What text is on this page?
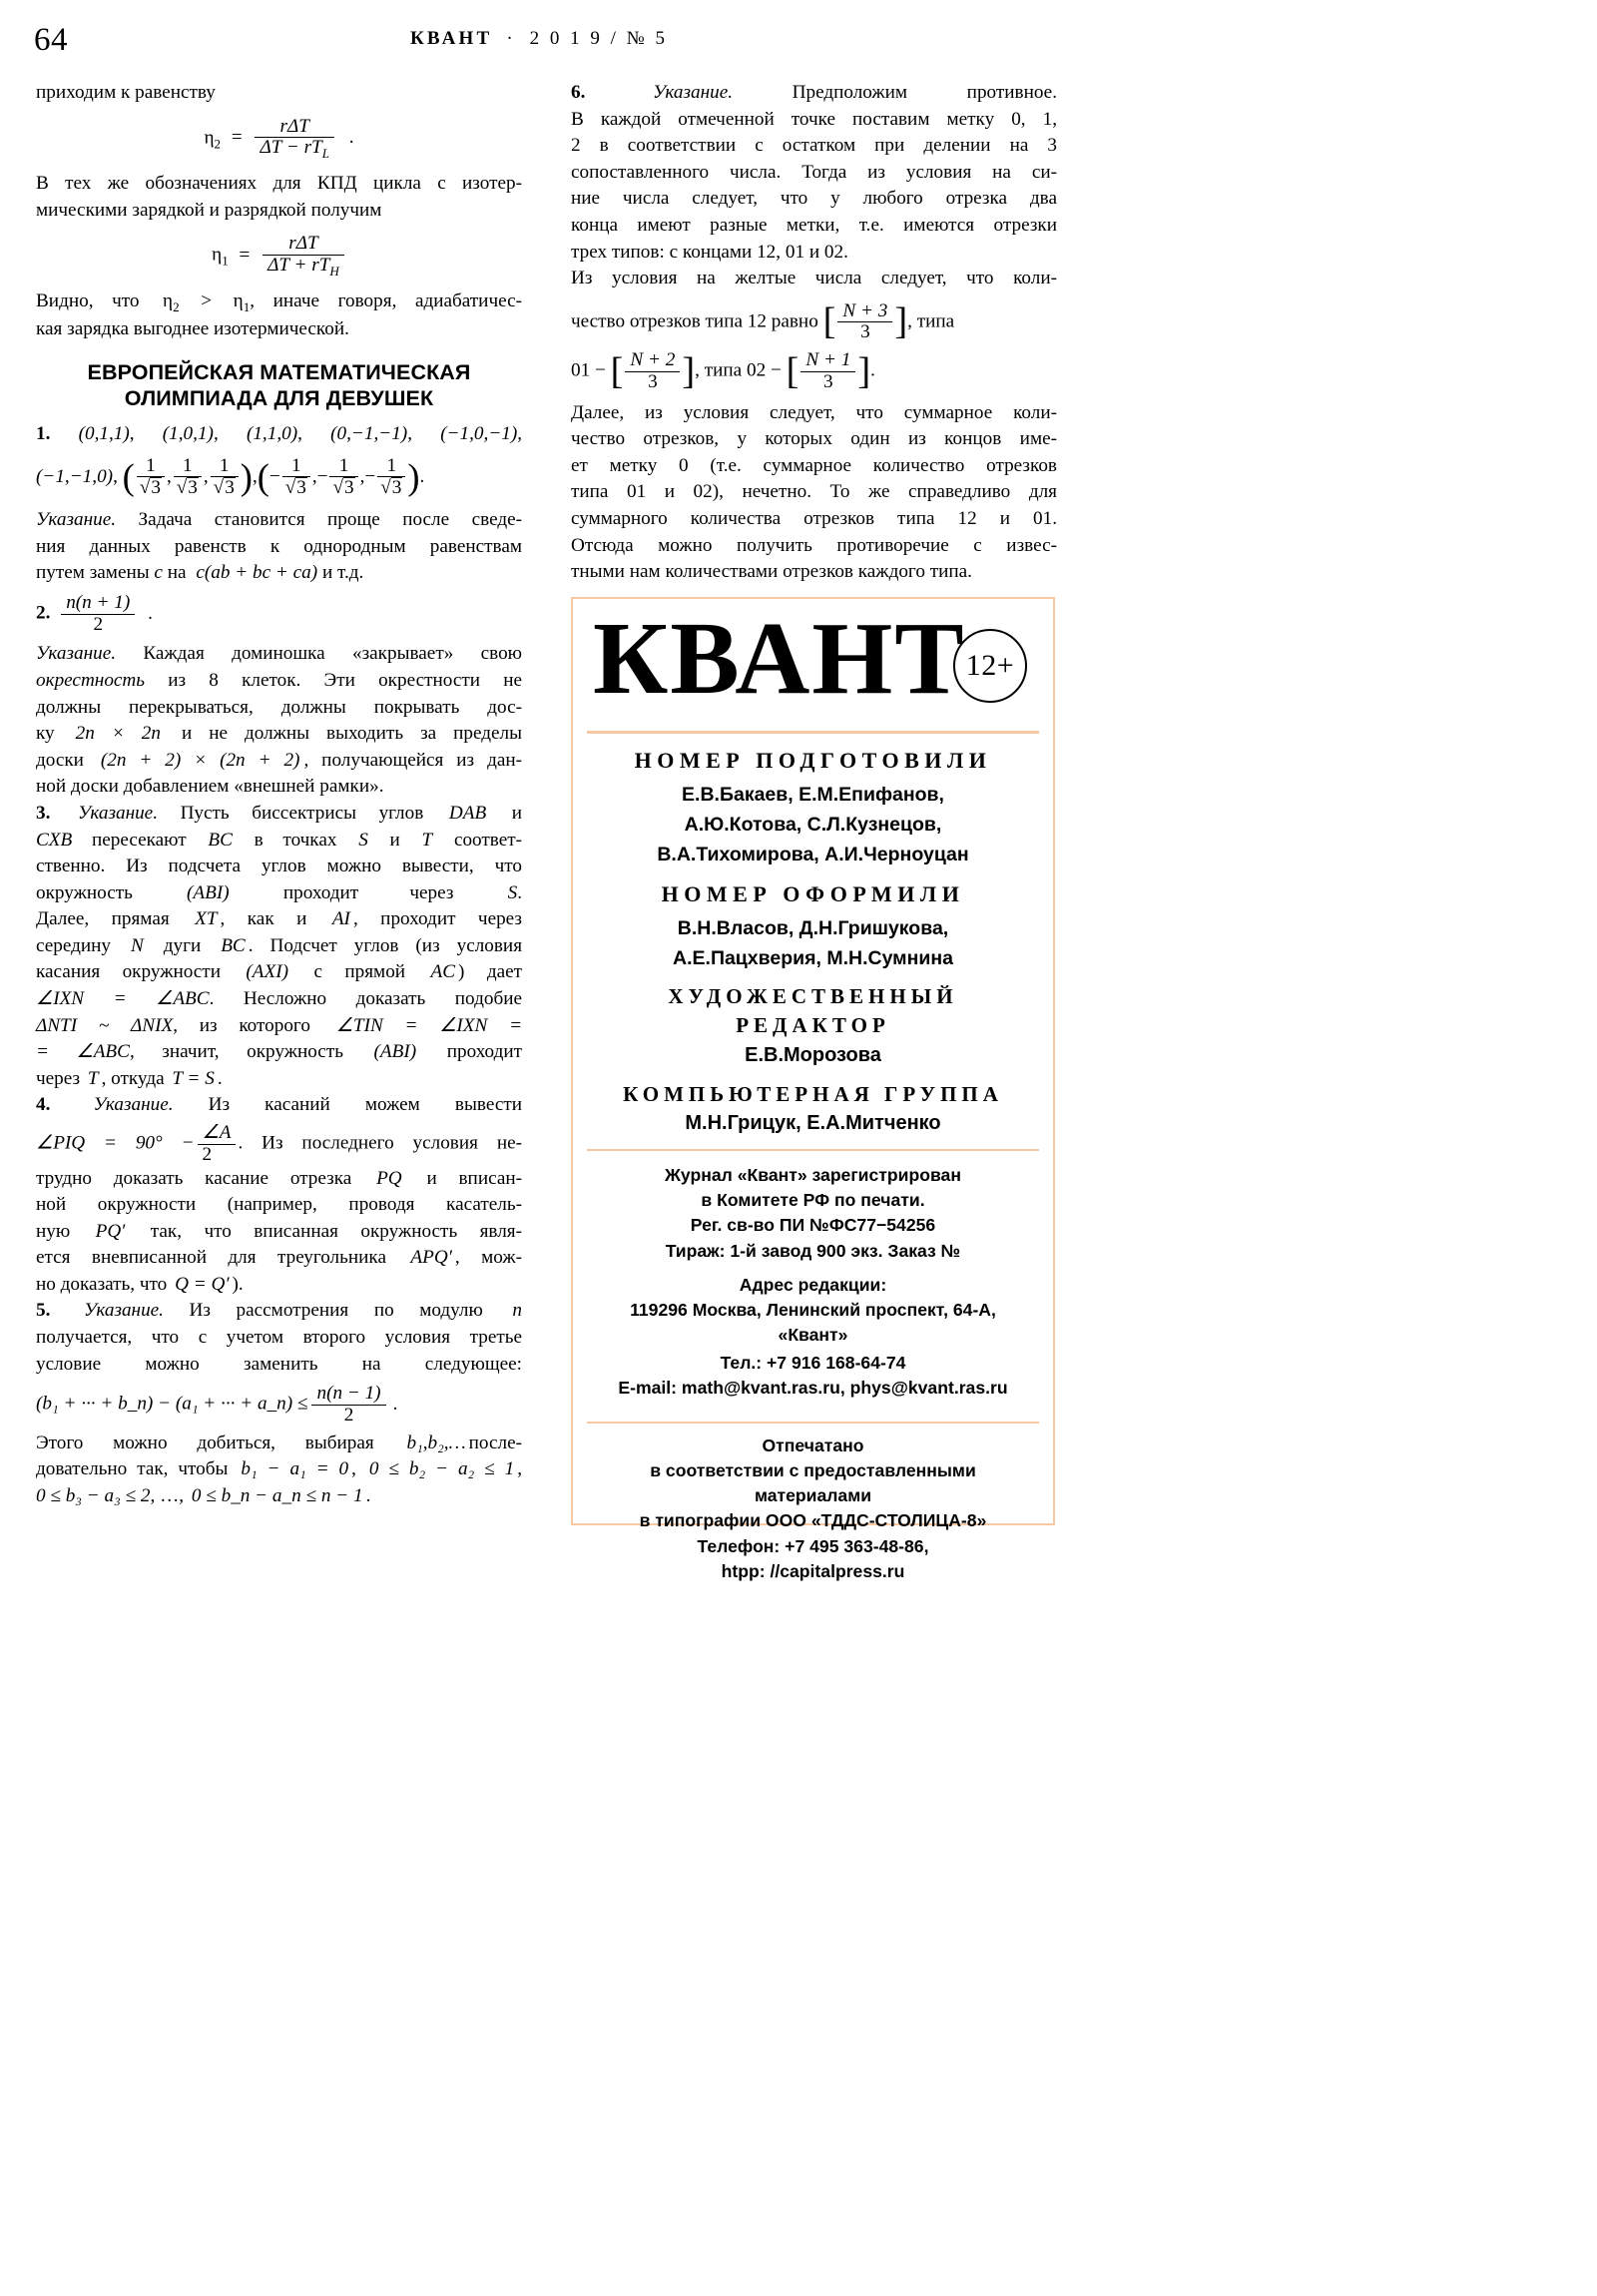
64	КВАНТ · 2 0 1 9 / № 5

приходим к равенству

$\eta_2 = \frac{\text{rΔT}}{\Delta T - rT_L}$ .

В тех же обозначениях для КПД цикла с изотер-

мическими зарядкой и разрядкой получим

$\eta_1 = \frac{\text{rΔT}}{\Delta T + rT_H}$

Видно, что $\eta_2 > \eta_1$, иначе говоря, адиабатичес-

кая зарядка выгоднее изотермической.

ЕВРОПЕЙСКАЯ МАТЕМАТИЧЕСКАЯ
ОЛИМПИАДА ДЛЯ ДЕВУШЕК

1. (0,1,1), (1,0,1), (1,1,0), (0,−1,−1), (−1,0,−1),

(−1,−1,0), ( $\frac{1}{√3}$ , $\frac{1}{√3}$ , $\frac{1}{√3}$ ),(− $\frac{1}{√3}$ ,− $\frac{1}{√3}$ ,− $\frac{1}{√3}$ ).

Указание. Задача становится проще после сведе-

ния данных равенств к однородным равенствам

путем замены c на c(ab + bc + ca) и т.д.

2. $\frac{n(n + 1)}{2}$ .

Указание. Каждая доминошка «закрывает» свою

окрестность из 8 клеток. Эти окрестности не

должны перекрываться, должны покрывать дос-

ку 2n × 2n и не должны выходить за пределы

доски (2n + 2) × (2n + 2) , получающейся из дан-

ной доски добавлением «внешней рамки».

3. Указание. Пусть биссектрисы углов DAB и

CXB пересекают BC в точках S и T соответ-

ственно. Из подсчета углов можно вывести, что

окружность	(ABI)	проходит через	S.

Далее, прямая XT , как и AI , проходит через

середину N дуги BC . Подсчет углов (из условия

касания окружности (AXI) с прямой AC ) дает

∠IXN = ∠ABC. Несложно доказать подобие

ΔNTI ~ ΔNIX, из которого ∠TIN = ∠IXN =

= ∠ABC, значит, окружность (ABI) проходит

через T , откуда T = S .

4. Указание. Из касаний можем вывести

∠PIQ = $90^\circ - \frac{\angle A}{2}$ . Из последнего условия не-

трудно доказать касание отрезка PQ и вписан-

ной окружности (например, проводя касатель-

ную PQ′ так, что вписанная окружность явля-

ется вневписанной для треугольника APQ′ , мож-

но доказать, что Q = Q′ ).

5. Указание. Из рассмотрения по модулю n

получается, что с учетом второго условия третье

условие можно заменить на следующее:

(b₁ + ··· + b_n) − (a₁ + ··· + a_n) ≤ $\frac{n(n - 1)}{2}$ .

Этого можно добиться, выбирая b₁,b₂,… после-

довательно так, чтобы b₁ − a₁ = 0 , 0 ≤ b₂ − a₂ ≤ 1 ,

0 ≤ b₃ − a₃ ≤ 2, …, 0 ≤ b_n − a_n ≤ n − 1 .

6.	Указание. Предположим противное.

В каждой отмеченной точке поставим метку 0, 1,

2 в соответствии с остатком при делении на 3

сопоставленного числа. Тогда из условия на си-

ние числа следует, что у любого отрезка два

конца имеют разные метки, т.е. имеются отрезки

трех типов: с концами 12, 01 и 02.

Из условия на желтые числа следует, что коли-

чество отрезков типа 12 равно [ $\frac{N + 3}{3}$ ], типа

01 − [ $\frac{N + 2}{3}$ ], типа 02 − [ $\frac{N + 1}{3}$ ].

Далее, из условия следует, что суммарное коли-

чество отрезков, у которых один из концов име-

ет метку 0 (т.е. суммарное количество отрезков

типа 01 и 02), нечетно. То же справедливо для

суммарного количества отрезков типа 12 и 01.

Отсюда можно получить противоречие с извес-

тными нам количествами отрезков каждого типа.

КВАНТ 12+
НОМЕР ПОДГОТОВИЛИ
Е.В.Бакаев, Е.М.Епифанов,
А.Ю.Котова, С.Л.Кузнецов,
В.А.Тихомирова, А.И.Черноуцан
НОМЕР ОФОРМИЛИ
В.Н.Власов, Д.Н.Гришукова,
А.Е.Пацхверия, М.Н.Сумнина
ХУДОЖЕСТВЕННЫЙ
РЕДАКТОР
Е.В.Морозова
КОМПЬЮТЕРНАЯ ГРУППА
М.Н.Грицук, Е.А.Митченко
Журнал «Квант» зарегистрирован
в Комитете РФ по печати.
Рег. св-во ПИ №ФС77−54256
Тираж: 1-й завод 900 экз. Заказ №
Адрес редакции:
119296 Москва, Ленинский проспект, 64-А,
«Квант»
Тел.: +7 916 168-64-74
E-mail: math@kvant.ras.ru, phys@kvant.ras.ru
Отпечатано
в соответствии с предоставленными
материалами
в типографии ООО «ТДДС-СТОЛИЦА-8»
Телефон: +7 495 363-48-86,
htpp: //capitalpress.ru
